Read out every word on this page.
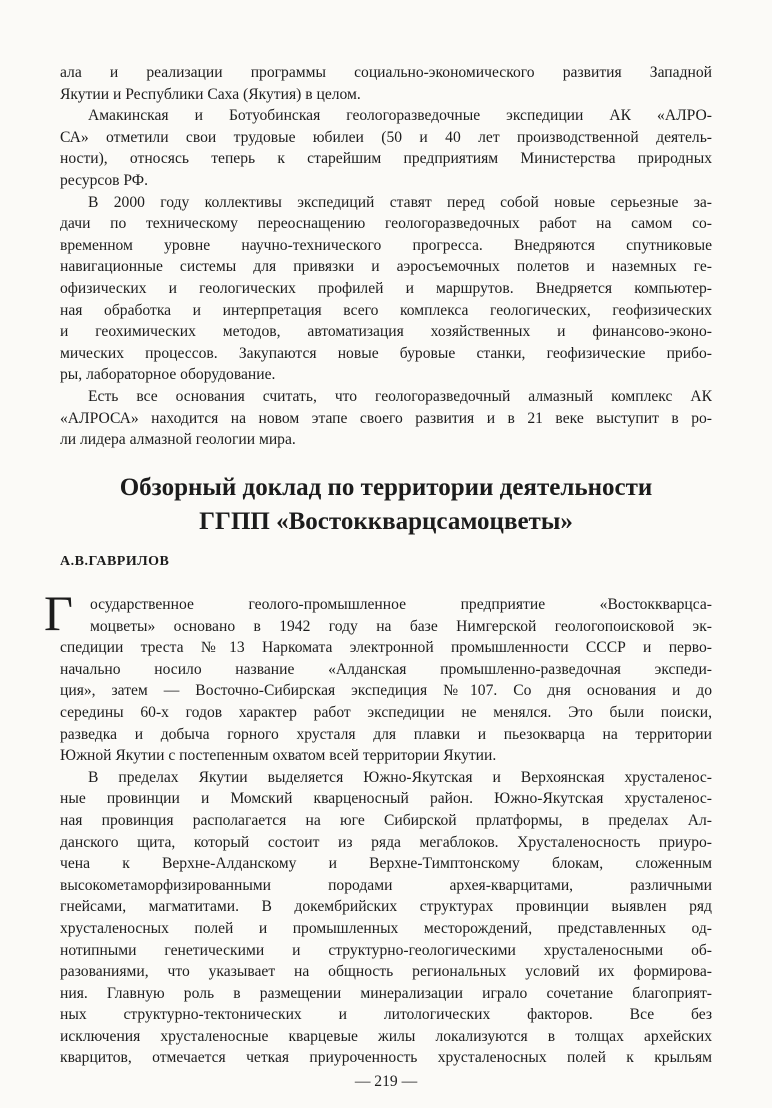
ала и реализации программы социально-экономического развития Западной
Якутии и Республики Саха (Якутия) в целом.
Амакинская и Ботуобинская геологоразведочные экспедиции АК «АЛРО-
СА» отметили свои трудовые юбилеи (50 и 40 лет производственной деятель-
ности), относясь теперь к старейшим предприятиям Министерства природных
ресурсов РФ.
В 2000 году коллективы экспедиций ставят перед собой новые серьезные за-
дачи по техническому переоснащению геологоразведочных работ на самом со-
временном уровне научно-технического прогресса. Внедряются спутниковые
навигационные системы для привязки и аэросъемочных полетов и наземных ге-
офизических и геологических профилей и маршрутов. Внедряется компьютер-
ная обработка и интерпретация всего комплекса геологических, геофизических
и геохимических методов, автоматизация хозяйственных и финансово-эконо-
мических процессов. Закупаются новые буровые станки, геофизические прибо-
ры, лабораторное оборудование.
Есть все основания считать, что геологоразведочный алмазный комплекс АК
«АЛРОСА» находится на новом этапе своего развития и в 21 веке выступит в ро-
ли лидера алмазной геологии мира.
Обзорный доклад по территории деятельности
ГГПП «Востоккварцсамоцветы»
А.В.ГАВРИЛОВ
Г	осударственное геолого-промышленное предприятие «Востоккварцса-
моцветы» основано в 1942 году на базе Нимгерской геологопоисковой эк-
спедиции треста №13 Наркомата электронной промышленности СССР и перво-
начально носило название «Алданская промышленно-разведочная экспеди-
ция», затем — Восточно-Сибирская экспедиция №107. Со дня основания и до
середины 60-х годов характер работ экспедиции не менялся. Это были поиски,
разведка и добыча горного хрусталя для плавки и пьезокварца на территории
Южной Якутии с постепенным охватом всей территории Якутии.
В пределах Якутии выделяется Южно-Якутская и Верхоянская хрусталенос-
ные провинции и Момский кварценосный район. Южно-Якутская хрусталенос-
ная провинция располагается на юге Сибирской прлатформы, в пределах Ал-
данского щита, который состоит из ряда мегаблоков. Хрусталеносность приуро-
чена к Верхне-Алданскому и Верхне-Тимптонскому блокам, сложенным
высокометаморфизированными породами архея-кварцитами, различными
гнейсами, магматитами. В докембрийских структурах провинции выявлен ряд
хрусталеносных полей и промышленных месторождений, представленных од-
нотипными генетическими и структурно-геологическими хрусталеносными об-
разованиями, что указывает на общность региональных условий их формирова-
ния. Главную роль в размещении минерализации играло сочетание благоприят-
ных структурно-тектонических и литологических факторов. Все без
исключения хрусталеносные кварцевые жилы локализуются в толщах архейских
кварцитов, отмечается четкая приуроченность хрусталеносных полей к крыльям
— 219 —
